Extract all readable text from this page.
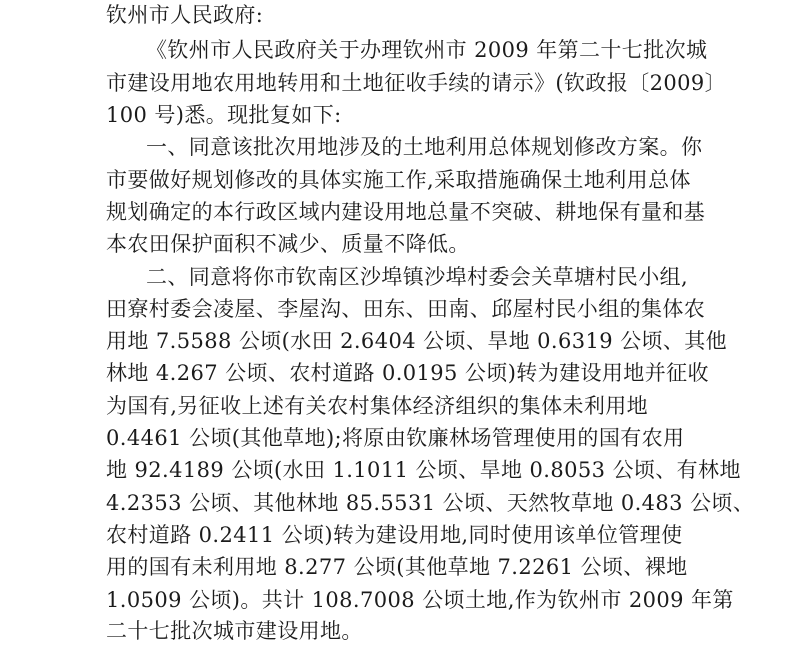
钦州市人民政府:

《钦州市人民政府关于办理钦州市 2009 年第二十七批次城

市建设用地农用地转用和土地征收手续的请示》(钦政报〔2009〕

100 号)悉。现批复如下:

一、同意该批次用地涉及的土地利用总体规划修改方案。你

市要做好规划修改的具体实施工作,采取措施确保土地利用总体

规划确定的本行政区域内建设用地总量不突破、耕地保有量和基

本农田保护面积不减少、质量不降低。

二、同意将你市钦南区沙埠镇沙埠村委会关草塘村民小组,

田寮村委会凌屋、李屋沟、田东、田南、邱屋村民小组的集体农

用地 7.5588 公顷(水田 2.6404 公顷、旱地 0.6319 公顷、其他

林地 4.267 公顷、农村道路 0.0195 公顷)转为建设用地并征收

为国有,另征收上述有关农村集体经济组织的集体未利用地

0.4461 公顷(其他草地);将原由钦廉林场管理使用的国有农用

地 92.4189 公顷(水田 1.1011 公顷、旱地 0.8053 公顷、有林地

4.2353 公顷、其他林地 85.5531 公顷、天然牧草地 0.483 公顷、

农村道路 0.2411 公顷)转为建设用地,同时使用该单位管理使

用的国有未利用地 8.277 公顷(其他草地 7.2261 公顷、裸地

1.0509 公顷)。共计 108.7008 公顷土地,作为钦州市 2009 年第

二十七批次城市建设用地。
